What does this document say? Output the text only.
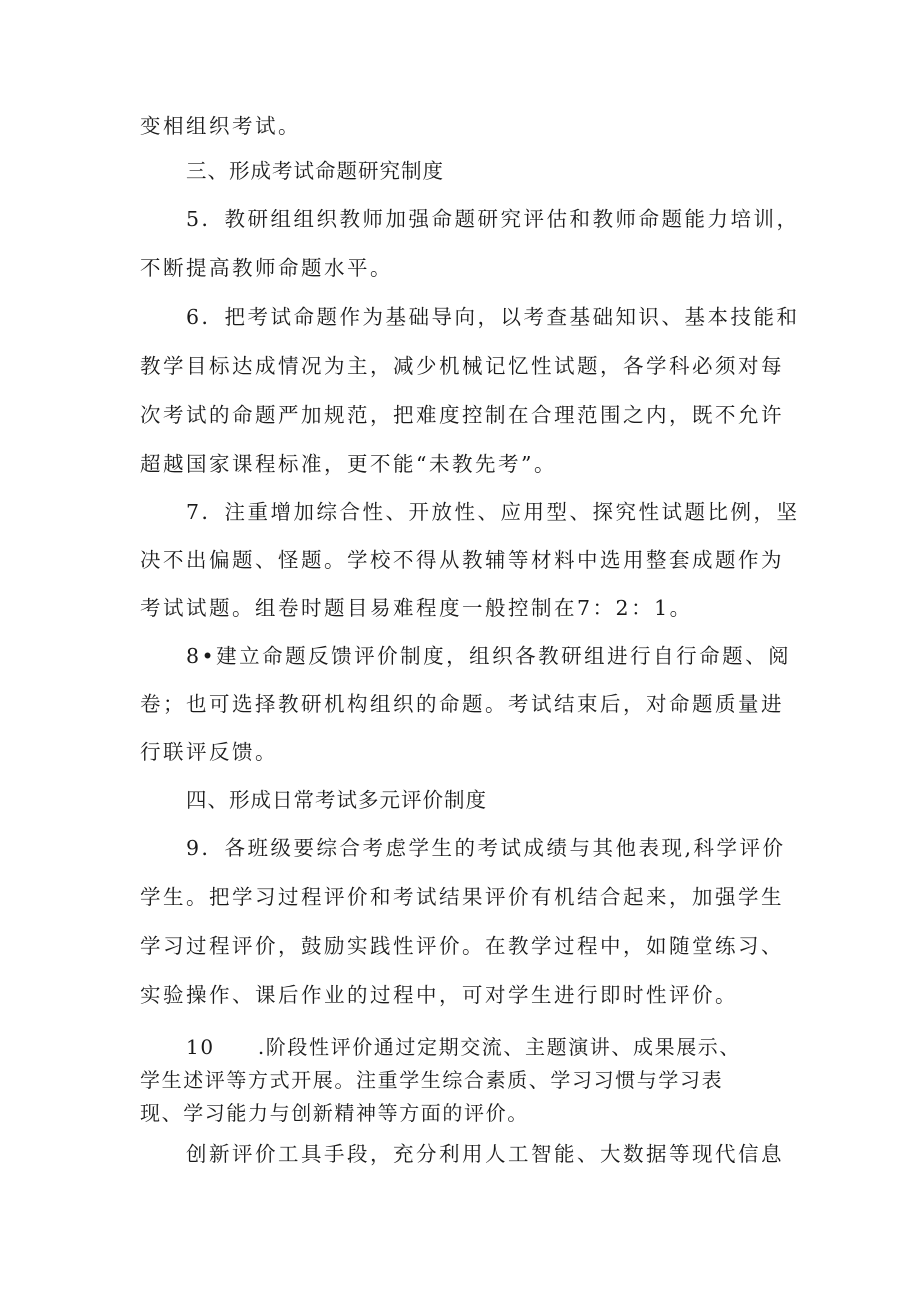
变相组织考试。
三、形成考试命题研究制度
5．教研组组织教师加强命题研究评估和教师命题能力培训，
不断提高教师命题水平。
6．把考试命题作为基础导向，以考查基础知识、基本技能和
教学目标达成情况为主，减少机械记忆性试题，各学科必须对每
次考试的命题严加规范，把难度控制在合理范围之内，既不允许
超越国家课程标准，更不能“未教先考”。
7．注重增加综合性、开放性、应用型、探究性试题比例，坚
决不出偏题、怪题。学校不得从教辅等材料中选用整套成题作为
考试试题。组卷时题目易难程度一般控制在7：2：1。
8•建立命题反馈评价制度，组织各教研组进行自行命题、阅
卷；也可选择教研机构组织的命题。考试结束后，对命题质量进
行联评反馈。
四、形成日常考试多元评价制度
9．各班级要综合考虑学生的考试成绩与其他表现,科学评价
学生。把学习过程评价和考试结果评价有机结合起来，加强学生
学习过程评价，鼓励实践性评价。在教学过程中，如随堂练习、
实验操作、课后作业的过程中，可对学生进行即时性评价。
10　　.阶段性评价通过定期交流、主题演讲、成果展示、
学生述评等方式开展。注重学生综合素质、学习习惯与学习表
现、学习能力与创新精神等方面的评价。
创新评价工具手段，充分利用人工智能、大数据等现代信息
